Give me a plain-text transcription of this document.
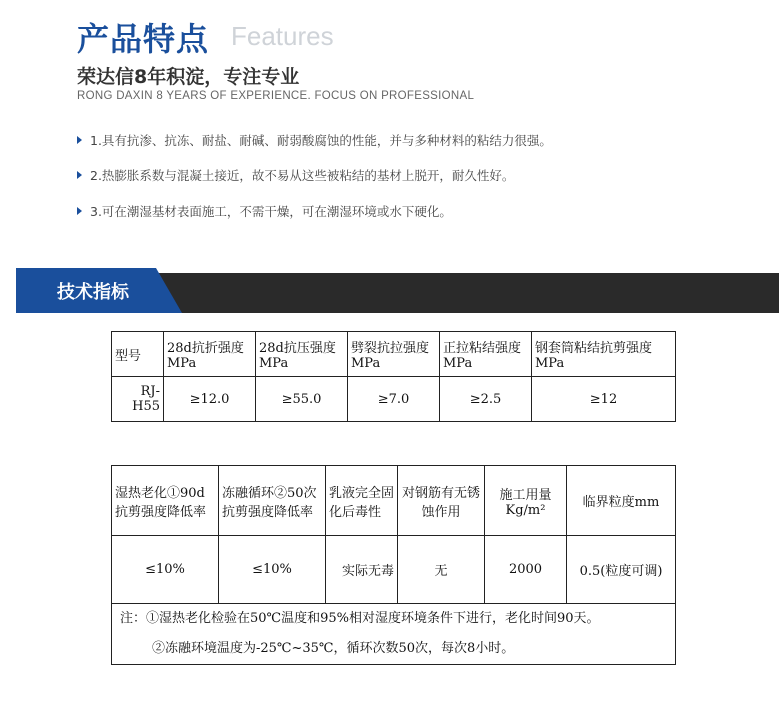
产品特点 Features
荣达信8年积淀，专注专业
RONG DAXIN 8 YEARS OF EXPERIENCE. FOCUS ON PROFESSIONAL
1.具有抗渗、抗冻、耐盐、耐碱、耐弱酸腐蚀的性能，并与多种材料的粘结力很强。
2.热膨胀系数与混凝土接近，故不易从这些被粘结的基材上脱开，耐久性好。
3.可在潮湿基材表面施工，不需干燥，可在潮湿环境或水下硬化。
技术指标
型号	28d抗折强度 MPa	28d抗压强度 MPa	劈裂抗拉强度 MPa	正拉粘结强度 MPa	钢套筒粘结抗剪强度 MPa
RJ-H55	≥12.0	≥55.0	≥7.0	≥2.5	≥12
湿热老化①90d抗剪强度降低率	冻融循环②50次抗剪强度降低率	乳液完全固化后毒性	对钢筋有无锈蚀作用	施工用量Kg/m²	临界粒度mm
≤10%	≤10%	实际无毒	无	2000	0.5(粒度可调)

注：①湿热老化检验在50℃温度和95%相对湿度环境条件下进行，老化时间90天。
②冻融环境温度为-25℃~35℃，循环次数50次，每次8小时。					
